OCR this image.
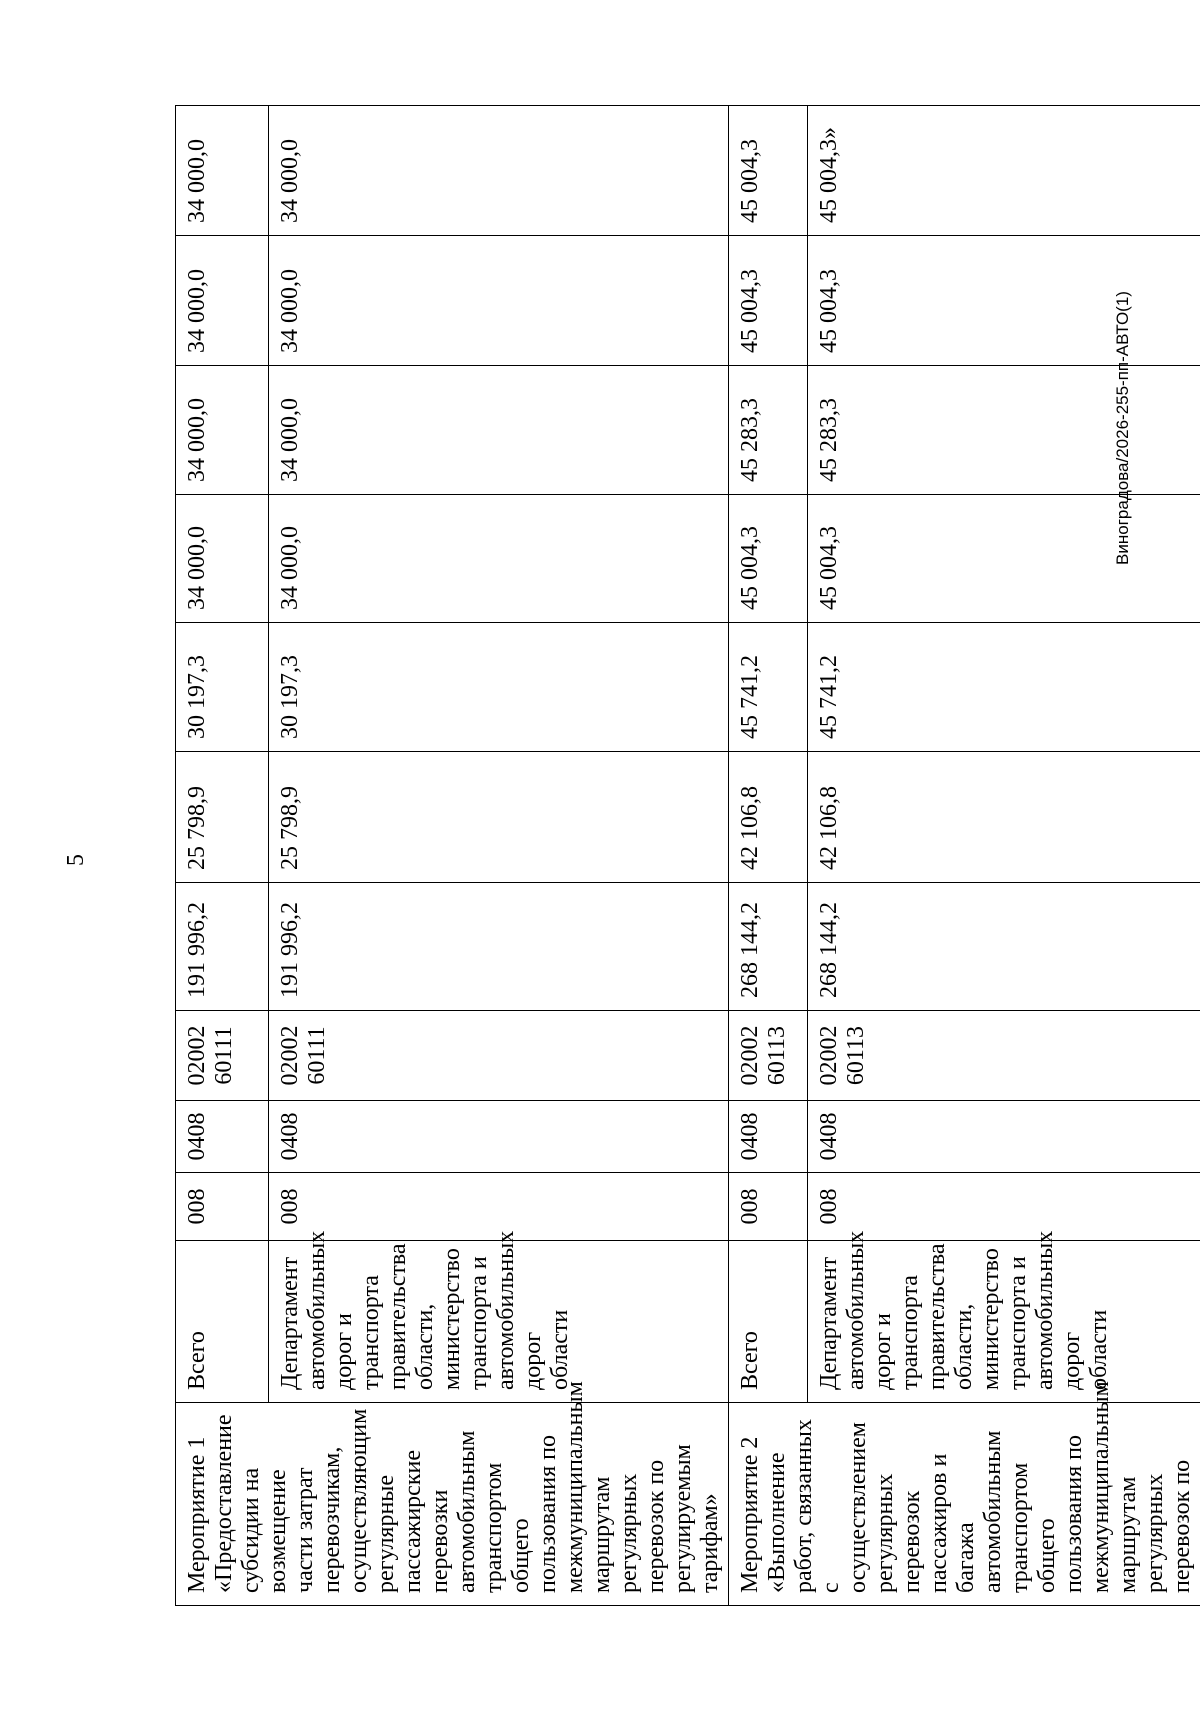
5
Виноградова/2026-255-пп-АВТО(1)
Мероприятие 1
«Предоставление субсидии на возмещение части затрат перевозчикам, осуществляющим регулярные пассажирские перевозки автомобильным транспортом общего пользования по межмуниципальным маршрутам регулярных перевозок по регулируемым тарифам»	Всего	008	0408	02002
60111	191 996,2	25 798,9	30 197,3	34 000,0	34 000,0	34 000,0	34 000,0
	Департамент автомобильных дорог и транспорта правительства области, министерство транспорта и автомобильных дорог области	008	0408	02002
60111	191 996,2	25 798,9	30 197,3	34 000,0	34 000,0	34 000,0	34 000,0
Мероприятие 2
«Выполнение работ, связанных с осуществлением регулярных перевозок пассажиров и багажа автомобильным транспортом общего пользования по межмуниципальным маршрутам регулярных перевозок по	Всего	008	0408	02002
60113	268 144,2	42 106,8	45 741,2	45 004,3	45 283,3	45 004,3	45 004,3
	Департамент автомобильных дорог и транспорта правительства области, министерство транспорта и автомобильных дорог области	008	0408	02002
60113	268 144,2	42 106,8	45 741,2	45 004,3	45 283,3	45 004,3	45 004,3»
